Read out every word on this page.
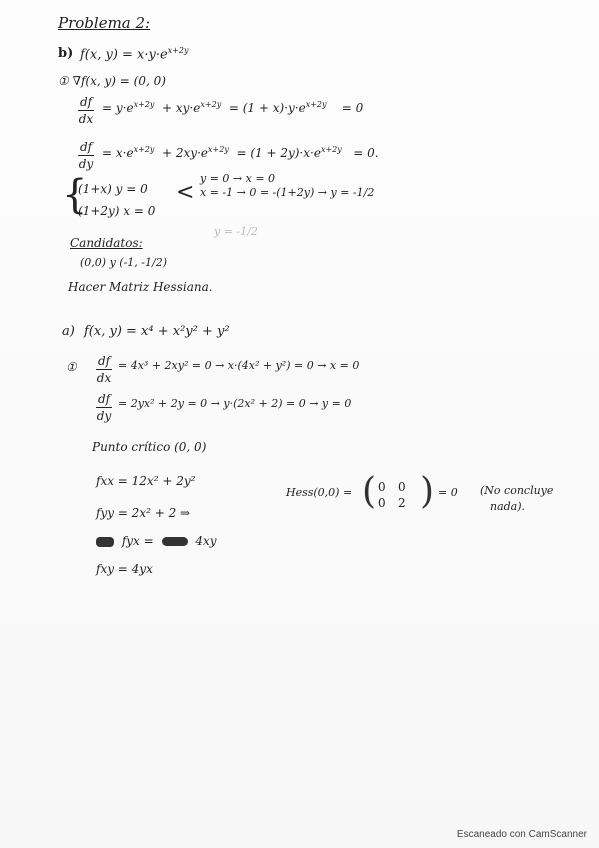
Problema 2:
b) f(x, $y) = x\cdot y\cdot e^{x+2y}$
① ∇f(x, y) = (0, 0)
df
dx
= $y\cdot e^{x+2y} + xy\cdot e^{x+2y} = (1 + x)\cdot y\cdot e^{x+2y} = 0$
df
dy
= $x\cdot e^{x+2y} + 2xy\cdot e^{x+2y} = (1 + 2y)\cdot x\cdot e^{x+2y} = 0$.
{
(1+x) y = 0
(1+2y) x = 0
<
y = 0 → x = 0
x = -1 → 0 = -(1+2y) → y = -1/2
y = -1/2
Candidatos:
(0,0) y (-1, -1/2)
Hacer Matriz Hessiana.
a) f(x, y) = x⁴ + x²y² + y²
① df
dx
= 4x³ + 2xy² = 0 → x·(4x² + y²) = 0 → x = 0
df
dy
= 2yx² + 2y = 0 → y·(2x² + 2) = 0 → y = 0
Punto crítico (0, 0)
fxx = 12x² + 2y²
fyy = 2x² + 2 ⇒
fyx =	4xy
fxy = 4yx
Hess(0,0) = ( 0	0
0	2 ) = 0 (No concluye
nada).
Escaneado con CamScanner
